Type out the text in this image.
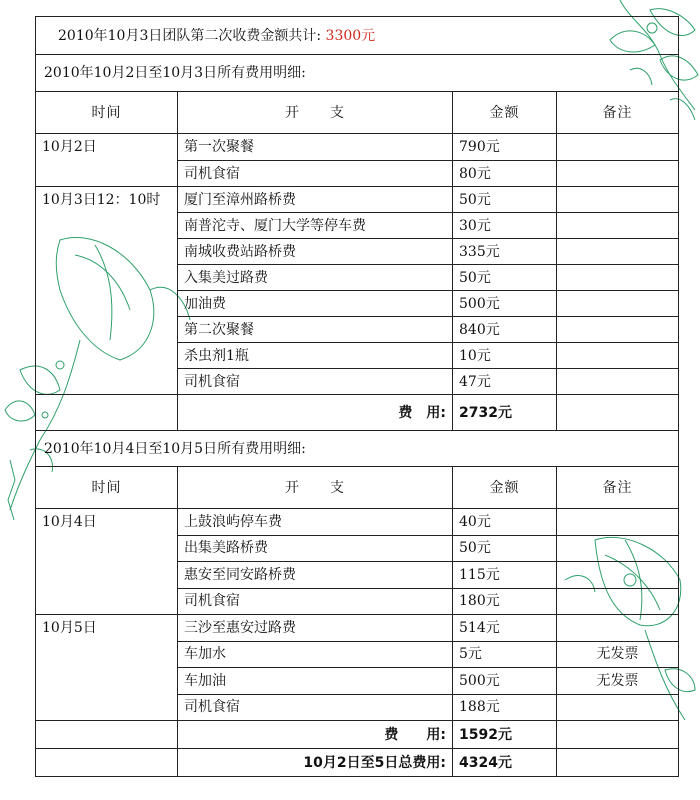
2010年10月3日团队第二次收费金额共计: 3300元			
2010年10月2日至10月3日所有费用明细:			
时间	开　　支	金额	备注
10月2日	第一次聚餐	790元	
	司机食宿	80元	
10月3日12：10时	厦门至漳州路桥费	50元	
	南普沱寺、厦门大学等停车费	30元	
	南城收费站路桥费	335元	
	入集美过路费	50元	
	加油费	500元	
	第二次聚餐	840元	
	杀虫剂1瓶	10元	
	司机食宿	47元	
	费　用:	2732元	
2010年10月4日至10月5日所有费用明细:			
时间	开　　支	金额	备注
10月4日	上鼓浪屿停车费	40元	
	出集美路桥费	50元	
	惠安至同安路桥费	115元	
	司机食宿	180元	
10月5日	三沙至惠安过路费	514元	
	车加水	5元	无发票
	车加油	500元	无发票
	司机食宿	188元	
	费　　用:	1592元	
	10月2日至5日总费用:	4324元	
